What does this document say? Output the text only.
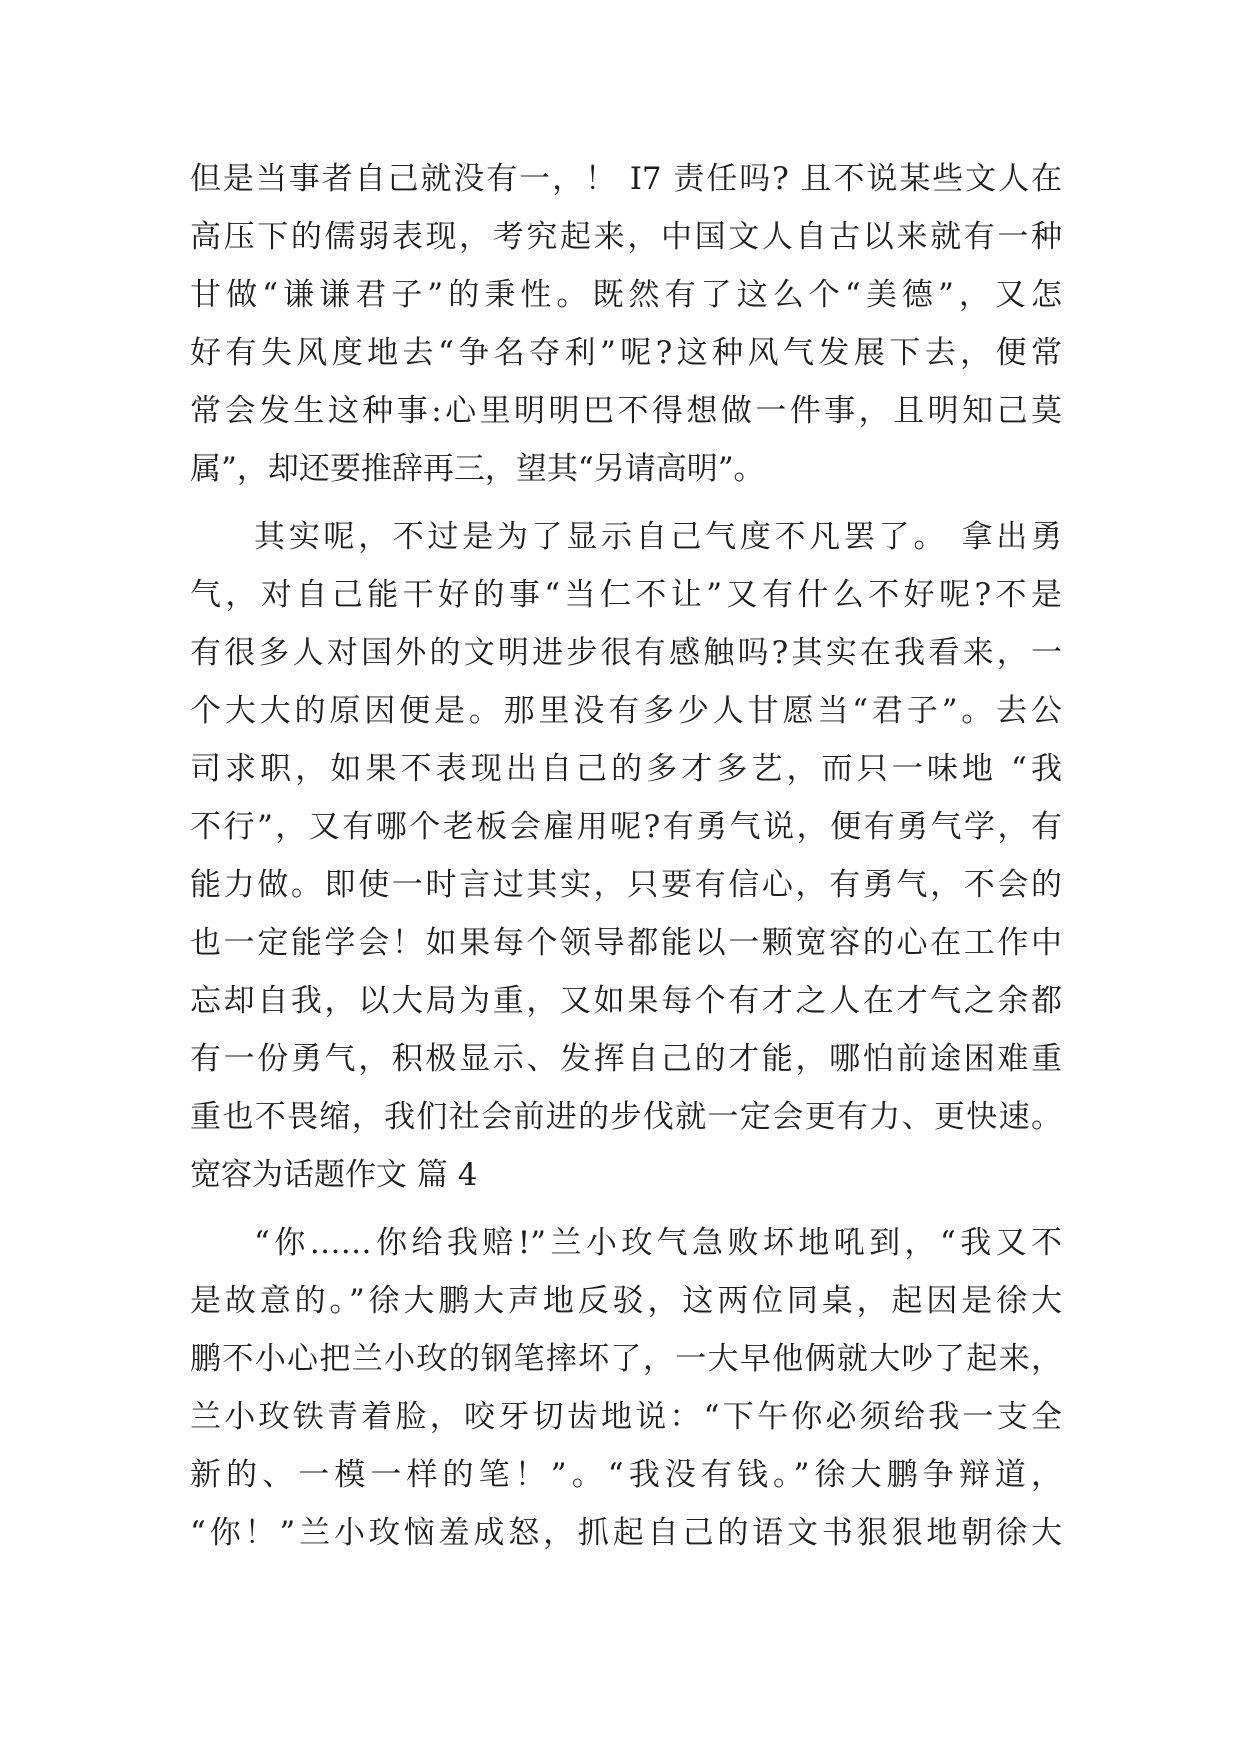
但是当事者自己就没有一，！ I7 责任吗? 且不说某些文人在
高压下的儒弱表现，考究起来，中国文人自古以来就有一种
甘做“谦谦君子”的秉性。既然有了这么个“美德”，又怎
好有失风度地去“争名夺利”呢?这种风气发展下去，便常
常会发生这种事:心里明明巴不得想做一件事，且明知己莫
属”，却还要推辞再三，望其“另请高明”。
其实呢，不过是为了显示自己气度不凡罢了。 拿出勇
气，对自己能干好的事“当仁不让”又有什么不好呢?不是
有很多人对国外的文明进步很有感触吗?其实在我看来，一
个大大的原因便是。那里没有多少人甘愿当“君子”。去公
司求职，如果不表现出自己的多才多艺，而只一味地 “我
不行”，又有哪个老板会雇用呢?有勇气说，便有勇气学，有
能力做。即使一时言过其实，只要有信心，有勇气，不会的
也一定能学会！如果每个领导都能以一颗宽容的心在工作中
忘却自我，以大局为重，又如果每个有才之人在才气之余都
有一份勇气，积极显示、发挥自己的才能，哪怕前途困难重
重也不畏缩，我们社会前进的步伐就一定会更有力、更快速。
宽容为话题作文 篇 4
“你……你给我赔!”兰小玫气急败坏地吼到，“我又不
是故意的。”徐大鹏大声地反驳，这两位同桌，起因是徐大
鹏不小心把兰小玫的钢笔摔坏了，一大早他俩就大吵了起来，
兰小玫铁青着脸，咬牙切齿地说：“下午你必须给我一支全
新的、一模一样的笔！”。“我没有钱。”徐大鹏争辩道，
“你！”兰小玫恼羞成怒，抓起自己的语文书狠狠地朝徐大
